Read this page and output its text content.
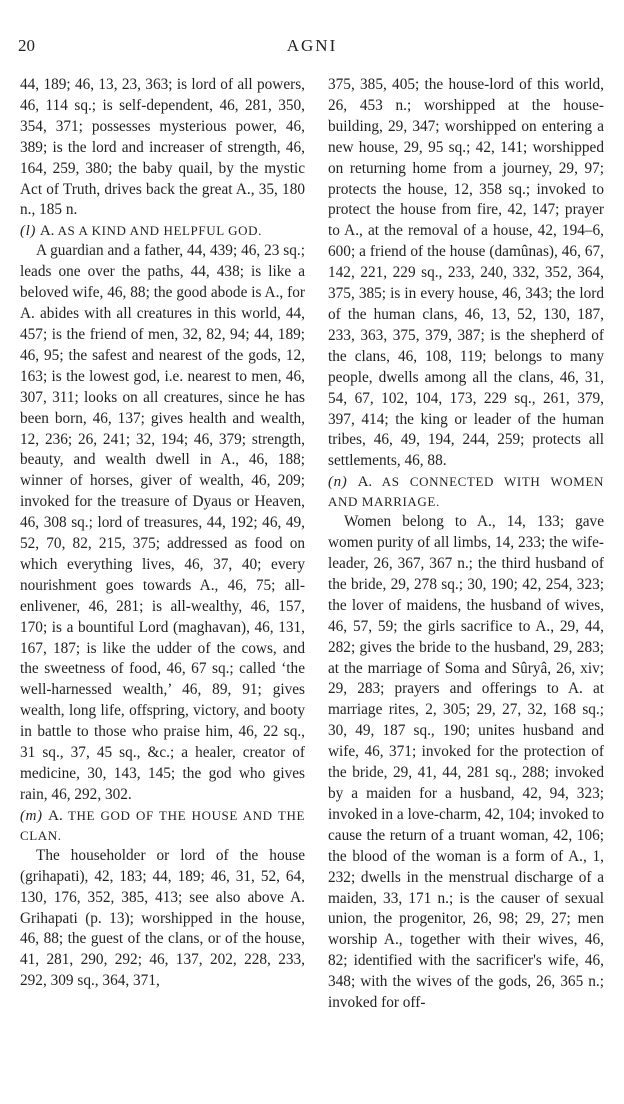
20	AGNI

44, 189; 46, 13, 23, 363; is lord of all powers, 46, 114 sq.; is self-dependent, 46, 281, 350, 354, 371; possesses mysterious power, 46, 389; is the lord and increaser of strength, 46, 164, 259, 380; the baby quail, by the mystic Act of Truth, drives back the great A., 35, 180 n., 185 n.

(l) A. AS A KIND AND HELPFUL GOD.

A guardian and a father, 44, 439; 46, 23 sq.; leads one over the paths, 44, 438; is like a beloved wife, 46, 88; the good abode is A., for A. abides with all creatures in this world, 44, 457; is the friend of men, 32, 82, 94; 44, 189; 46, 95; the safest and nearest of the gods, 12, 163; is the lowest god, i.e. nearest to men, 46, 307, 311; looks on all creatures, since he has been born, 46, 137; gives health and wealth, 12, 236; 26, 241; 32, 194; 46, 379; strength, beauty, and wealth dwell in A., 46, 188; winner of horses, giver of wealth, 46, 209; invoked for the treasure of Dyaus or Heaven, 46, 308 sq.; lord of treasures, 44, 192; 46, 49, 52, 70, 82, 215, 375; addressed as food on which everything lives, 46, 37, 40; every nourishment goes towards A., 46, 75; all-enlivener, 46, 281; is all-wealthy, 46, 157, 170; is a bountiful Lord (maghavan), 46, 131, 167, 187; is like the udder of the cows, and the sweetness of food, 46, 67 sq.; called ‘the well-harnessed wealth,’ 46, 89, 91; gives wealth, long life, offspring, victory, and booty in battle to those who praise him, 46, 22 sq., 31 sq., 37, 45 sq., &c.; a healer, creator of medicine, 30, 143, 145; the god who gives rain, 46, 292, 302.

(m) A. THE GOD OF THE HOUSE AND THE CLAN.

The householder or lord of the house (grihapati), 42, 183; 44, 189; 46, 31, 52, 64, 130, 176, 352, 385, 413; see also above A. Grihapati (p. 13); worshipped in the house, 46, 88; the guest of the clans, or of the house, 41, 281, 290, 292; 46, 137, 202, 228, 233, 292, 309 sq., 364, 371,

375, 385, 405; the house-lord of this world, 26, 453 n.; worshipped at the house-building, 29, 347; worshipped on entering a new house, 29, 95 sq.; 42, 141; worshipped on returning home from a journey, 29, 97; protects the house, 12, 358 sq.; invoked to protect the house from fire, 42, 147; prayer to A., at the removal of a house, 42, 194–6, 600; a friend of the house (damûnas), 46, 67, 142, 221, 229 sq., 233, 240, 332, 352, 364, 375, 385; is in every house, 46, 343; the lord of the human clans, 46, 13, 52, 130, 187, 233, 363, 375, 379, 387; is the shepherd of the clans, 46, 108, 119; belongs to many people, dwells among all the clans, 46, 31, 54, 67, 102, 104, 173, 229 sq., 261, 379, 397, 414; the king or leader of the human tribes, 46, 49, 194, 244, 259; protects all settlements, 46, 88.

(n) A. AS CONNECTED WITH WOMEN AND MARRIAGE.

Women belong to A., 14, 133; gave women purity of all limbs, 14, 233; the wife-leader, 26, 367, 367 n.; the third husband of the bride, 29, 278 sq.; 30, 190; 42, 254, 323; the lover of maidens, the husband of wives, 46, 57, 59; the girls sacrifice to A., 29, 44, 282; gives the bride to the husband, 29, 283; at the marriage of Soma and Sûryâ, 26, xiv; 29, 283; prayers and offerings to A. at marriage rites, 2, 305; 29, 27, 32, 168 sq.; 30, 49, 187 sq., 190; unites husband and wife, 46, 371; invoked for the protection of the bride, 29, 41, 44, 281 sq., 288; invoked by a maiden for a husband, 42, 94, 323; invoked in a love-charm, 42, 104; invoked to cause the return of a truant woman, 42, 106; the blood of the woman is a form of A., 1, 232; dwells in the menstrual discharge of a maiden, 33, 171 n.; is the causer of sexual union, the progenitor, 26, 98; 29, 27; men worship A., together with their wives, 46, 82; identified with the sacrificer's wife, 46, 348; with the wives of the gods, 26, 365 n.; invoked for off-
